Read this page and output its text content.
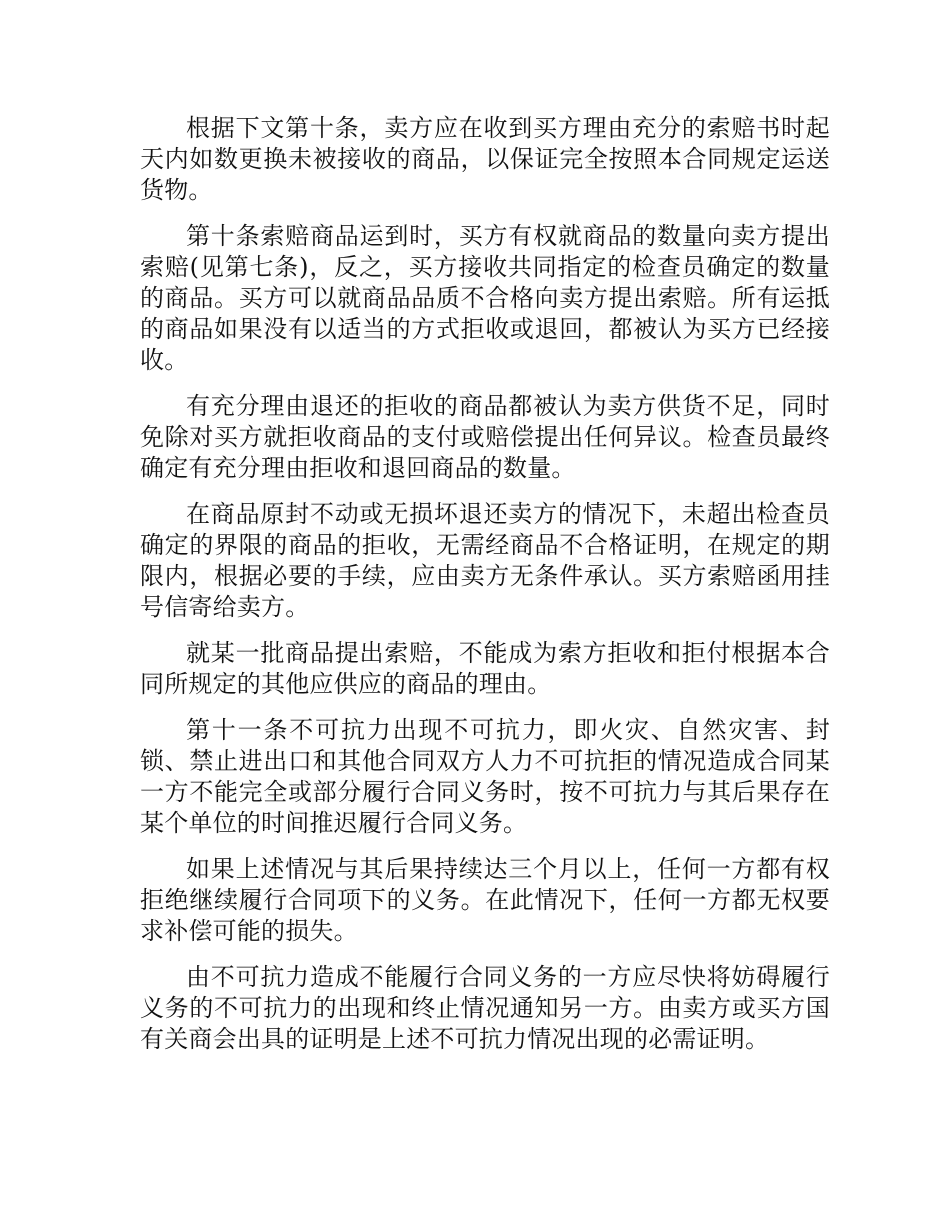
根据下文第十条，卖方应在收到买方理由充分的索赔书时起天内如数更换未被接收的商品，以保证完全按照本合同规定运送货物。

第十条索赔商品运到时，买方有权就商品的数量向卖方提出索赔(见第七条)，反之，买方接收共同指定的检查员确定的数量的商品。买方可以就商品品质不合格向卖方提出索赔。所有运抵的商品如果没有以适当的方式拒收或退回，都被认为买方已经接收。

有充分理由退还的拒收的商品都被认为卖方供货不足，同时免除对买方就拒收商品的支付或赔偿提出任何异议。检查员最终确定有充分理由拒收和退回商品的数量。

在商品原封不动或无损坏退还卖方的情况下，未超出检查员确定的界限的商品的拒收，无需经商品不合格证明，在规定的期限内，根据必要的手续，应由卖方无条件承认。买方索赔函用挂号信寄给卖方。

就某一批商品提出索赔，不能成为索方拒收和拒付根据本合同所规定的其他应供应的商品的理由。

第十一条不可抗力出现不可抗力，即火灾、自然灾害、封锁、禁止进出口和其他合同双方人力不可抗拒的情况造成合同某一方不能完全或部分履行合同义务时，按不可抗力与其后果存在某个单位的时间推迟履行合同义务。

如果上述情况与其后果持续达三个月以上，任何一方都有权拒绝继续履行合同项下的义务。在此情况下，任何一方都无权要求补偿可能的损失。

由不可抗力造成不能履行合同义务的一方应尽快将妨碍履行义务的不可抗力的出现和终止情况通知另一方。由卖方或买方国有关商会出具的证明是上述不可抗力情况出现的必需证明。
